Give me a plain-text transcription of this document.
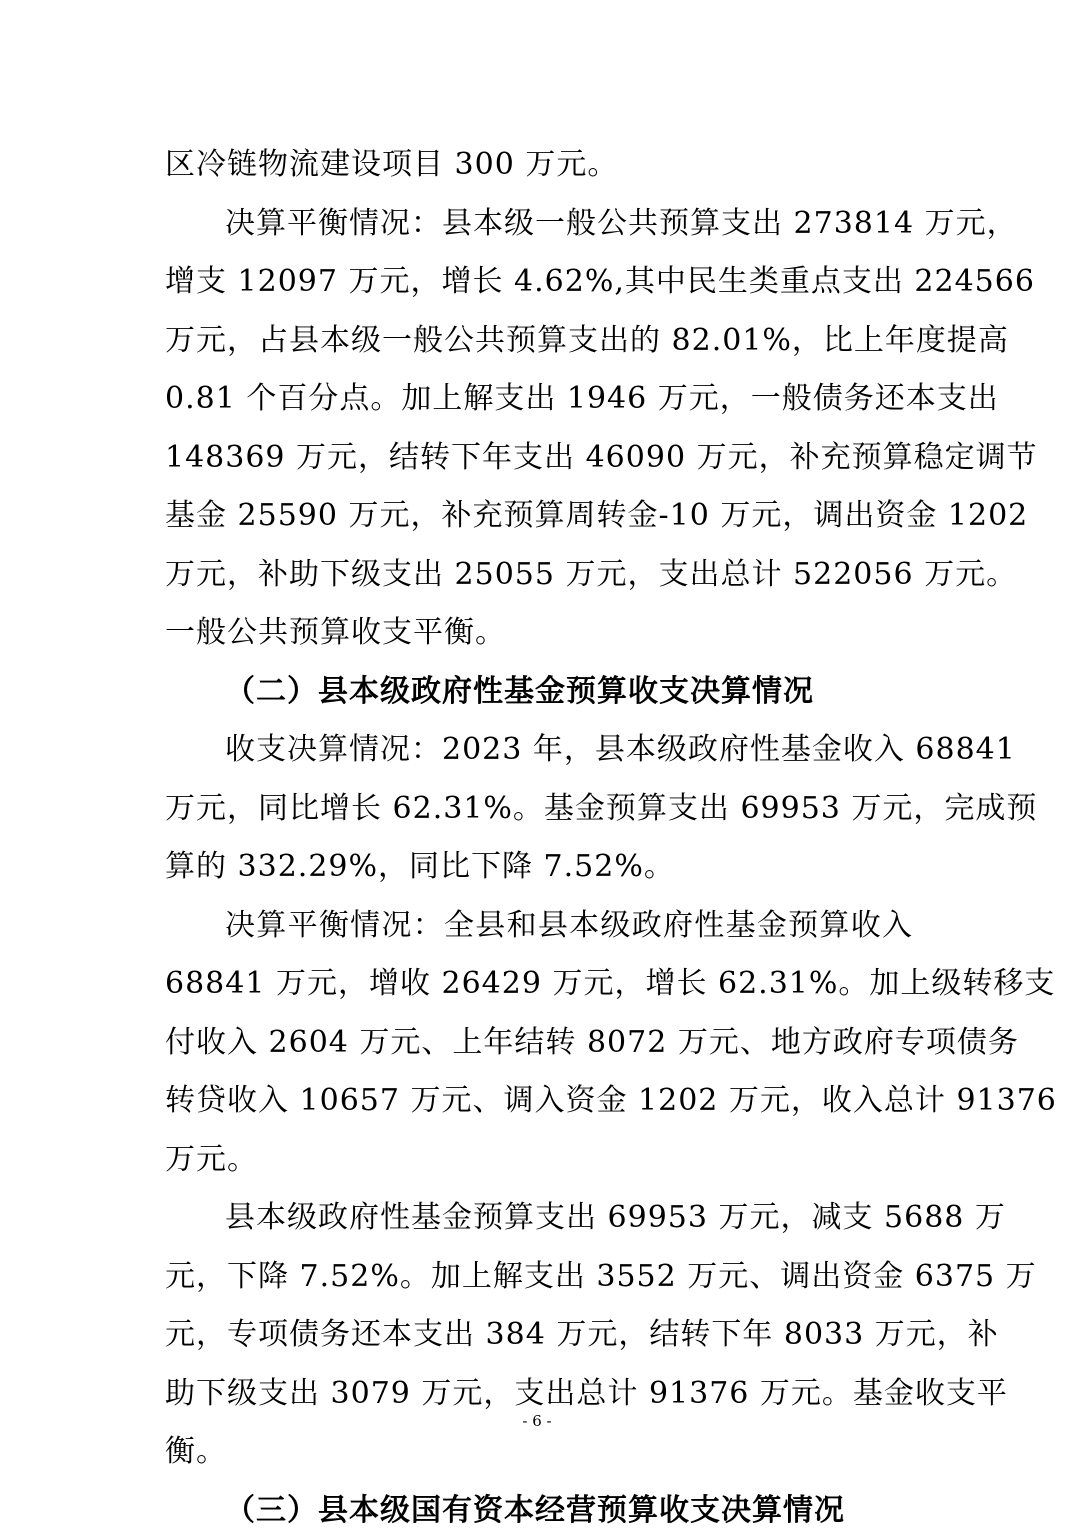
区冷链物流建设项目 300 万元。
决算平衡情况：县本级一般公共预算支出 273814 万元，
增支 12097 万元，增长 4.62%,其中民生类重点支出 224566
万元，占县本级一般公共预算支出的 82.01%，比上年度提高
0.81 个百分点。加上解支出 1946 万元，一般债务还本支出
148369 万元，结转下年支出 46090 万元，补充预算稳定调节
基金 25590 万元，补充预算周转金-10 万元，调出资金 1202
万元，补助下级支出 25055 万元，支出总计 522056 万元。
一般公共预算收支平衡。
（二）县本级政府性基金预算收支决算情况
收支决算情况：2023 年，县本级政府性基金收入 68841
万元，同比增长 62.31%。基金预算支出 69953 万元，完成预
算的 332.29%，同比下降 7.52%。
决算平衡情况：全县和县本级政府性基金预算收入
68841 万元，增收 26429 万元，增长 62.31%。加上级转移支
付收入 2604 万元、上年结转 8072 万元、地方政府专项债务
转贷收入 10657 万元、调入资金 1202 万元，收入总计 91376
万元。
县本级政府性基金预算支出 69953 万元，减支 5688 万
元，下降 7.52%。加上解支出 3552 万元、调出资金 6375 万
元，专项债务还本支出 384 万元，结转下年 8033 万元，补
助下级支出 3079 万元，支出总计 91376 万元。基金收支平
衡。
（三）县本级国有资本经营预算收支决算情况
- 6 -
